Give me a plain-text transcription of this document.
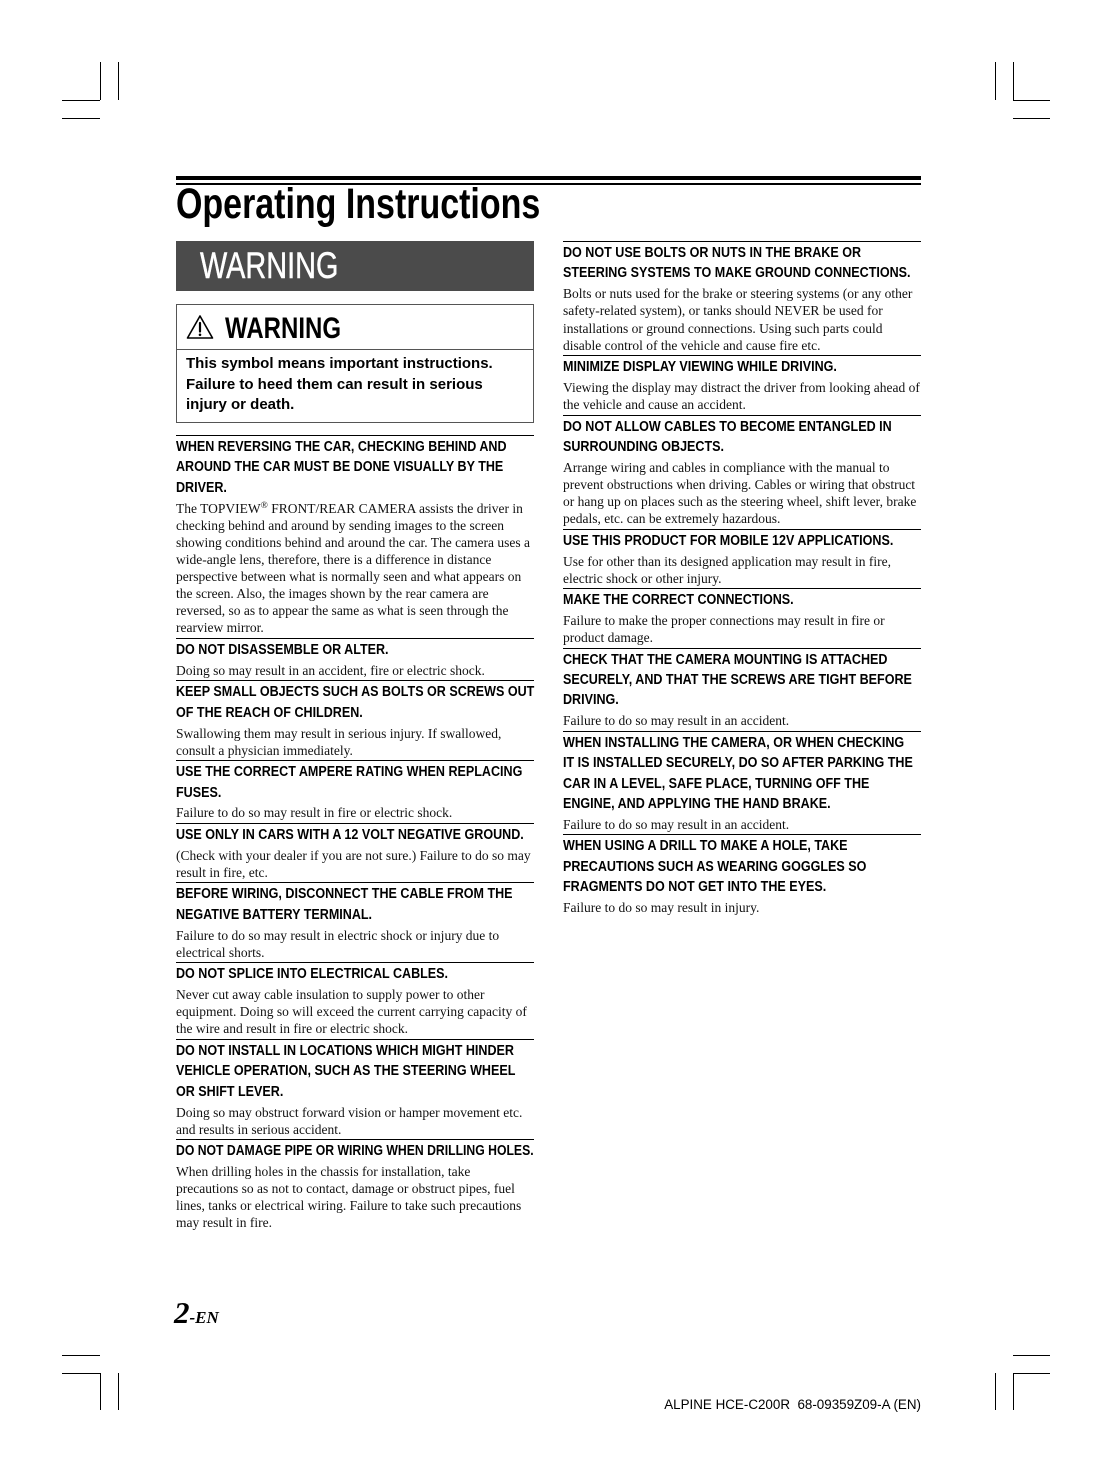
Operating Instructions
WARNING
WARNING
This symbol means important instructions.
Failure to heed them can result in serious
injury or death.
WHEN REVERSING THE CAR, CHECKING BEHIND AND
AROUND THE CAR MUST BE DONE VISUALLY BY THE
DRIVER.
The TOPVIEW® FRONT/REAR CAMERA assists the driver in
checking behind and around by sending images to the screen
showing conditions behind and around the car. The camera uses a
wide-angle lens, therefore, there is a difference in distance
perspective between what is normally seen and what appears on
the screen. Also, the images shown by the rear camera are
reversed, so as to appear the same as what is seen through the
rearview mirror.
DO NOT DISASSEMBLE OR ALTER.
Doing so may result in an accident, fire or electric shock.
KEEP SMALL OBJECTS SUCH AS BOLTS OR SCREWS OUT
OF THE REACH OF CHILDREN.
Swallowing them may result in serious injury. If swallowed,
consult a physician immediately.
USE THE CORRECT AMPERE RATING WHEN REPLACING
FUSES.
Failure to do so may result in fire or electric shock.
USE ONLY IN CARS WITH A 12 VOLT NEGATIVE GROUND.
(Check with your dealer if you are not sure.) Failure to do so may
result in fire, etc.
BEFORE WIRING, DISCONNECT THE CABLE FROM THE
NEGATIVE BATTERY TERMINAL.
Failure to do so may result in electric shock or injury due to
electrical shorts.
DO NOT SPLICE INTO ELECTRICAL CABLES.
Never cut away cable insulation to supply power to other
equipment. Doing so will exceed the current carrying capacity of
the wire and result in fire or electric shock.
DO NOT INSTALL IN LOCATIONS WHICH MIGHT HINDER
VEHICLE OPERATION, SUCH AS THE STEERING WHEEL
OR SHIFT LEVER.
Doing so may obstruct forward vision or hamper movement etc.
and results in serious accident.
DO NOT DAMAGE PIPE OR WIRING WHEN DRILLING HOLES.
When drilling holes in the chassis for installation, take
precautions so as not to contact, damage or obstruct pipes, fuel
lines, tanks or electrical wiring. Failure to take such precautions
may result in fire.
DO NOT USE BOLTS OR NUTS IN THE BRAKE OR
STEERING SYSTEMS TO MAKE GROUND CONNECTIONS.
Bolts or nuts used for the brake or steering systems (or any other
safety-related system), or tanks should NEVER be used for
installations or ground connections. Using such parts could
disable control of the vehicle and cause fire etc.
MINIMIZE DISPLAY VIEWING WHILE DRIVING.
Viewing the display may distract the driver from looking ahead of
the vehicle and cause an accident.
DO NOT ALLOW CABLES TO BECOME ENTANGLED IN
SURROUNDING OBJECTS.
Arrange wiring and cables in compliance with the manual to
prevent obstructions when driving. Cables or wiring that obstruct
or hang up on places such as the steering wheel, shift lever, brake
pedals, etc. can be extremely hazardous.
USE THIS PRODUCT FOR MOBILE 12V APPLICATIONS.
Use for other than its designed application may result in fire,
electric shock or other injury.
MAKE THE CORRECT CONNECTIONS.
Failure to make the proper connections may result in fire or
product damage.
CHECK THAT THE CAMERA MOUNTING IS ATTACHED
SECURELY, AND THAT THE SCREWS ARE TIGHT BEFORE
DRIVING.
Failure to do so may result in an accident.
WHEN INSTALLING THE CAMERA, OR WHEN CHECKING
IT IS INSTALLED SECURELY, DO SO AFTER PARKING THE
CAR IN A LEVEL, SAFE PLACE, TURNING OFF THE
ENGINE, AND APPLYING THE HAND BRAKE.
Failure to do so may result in an accident.
WHEN USING A DRILL TO MAKE A HOLE, TAKE
PRECAUTIONS SUCH AS WEARING GOGGLES SO
FRAGMENTS DO NOT GET INTO THE EYES.
Failure to do so may result in injury.
2-EN
ALPINE HCE-C200R  68-09359Z09-A (EN)
